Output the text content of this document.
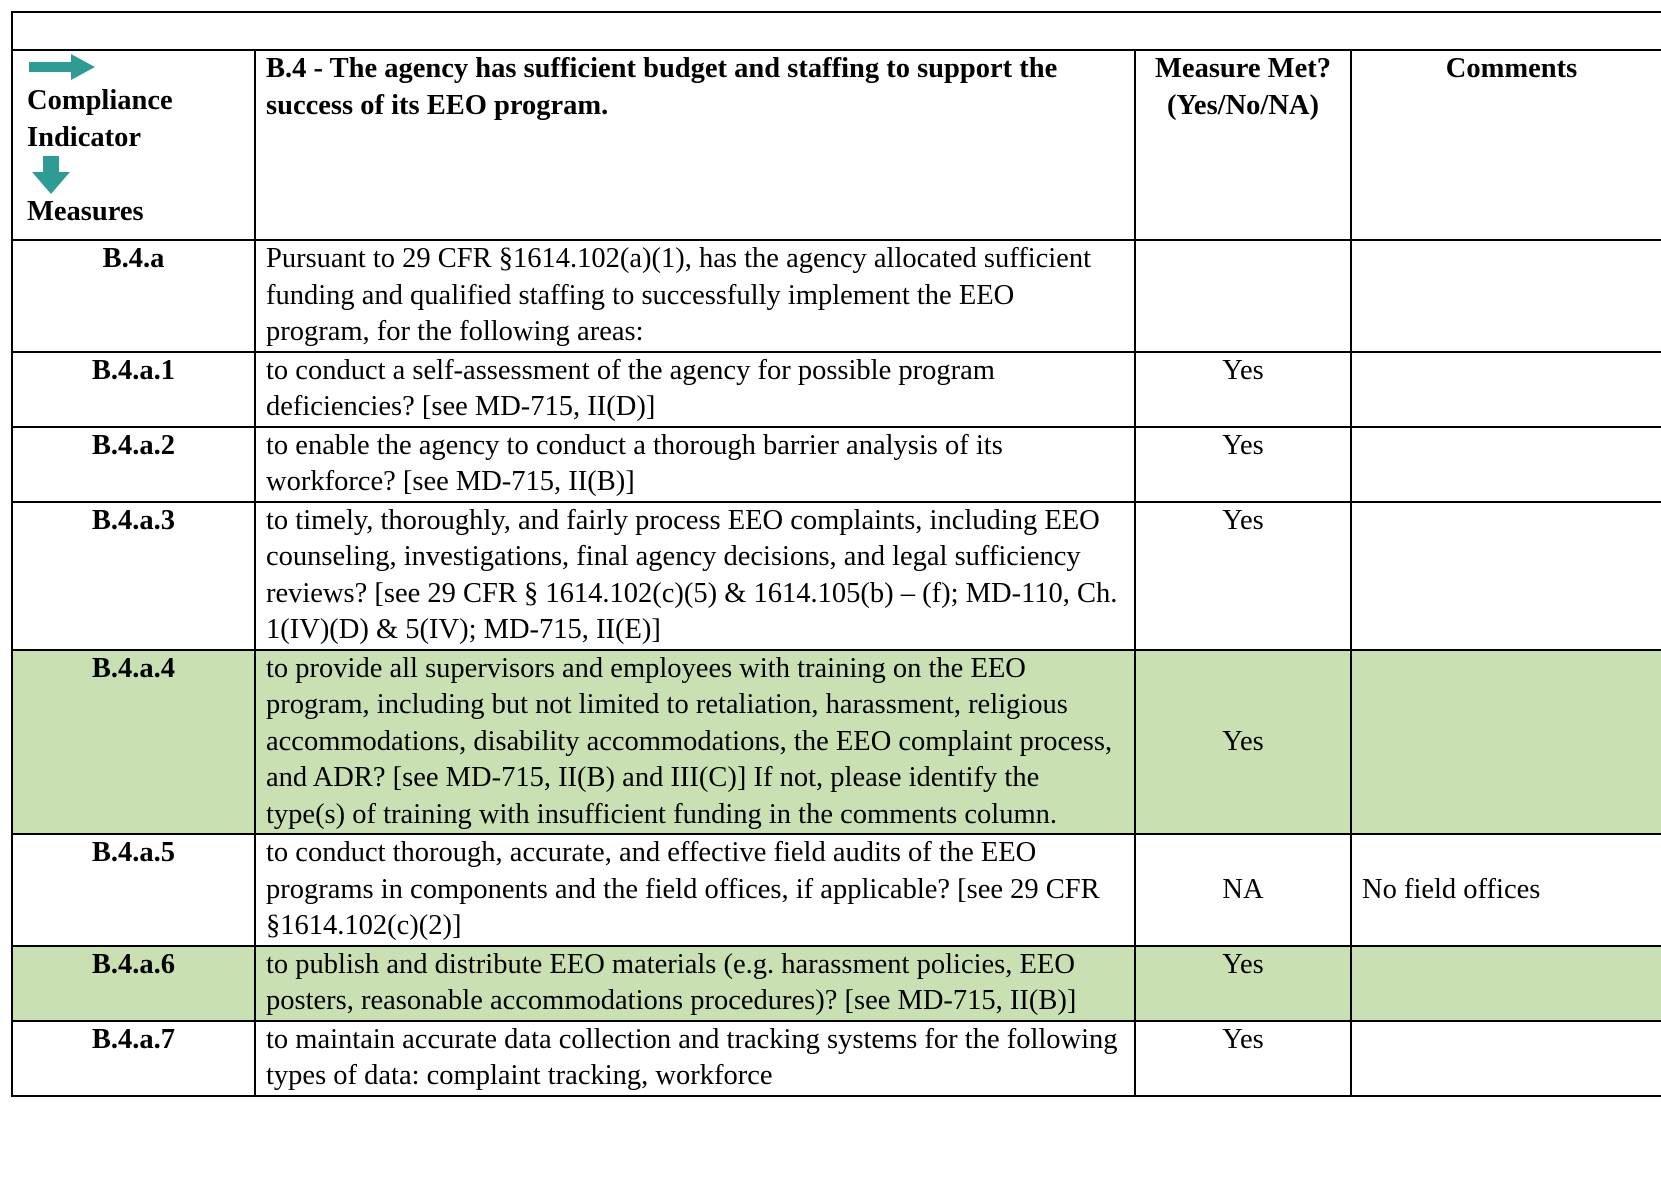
Compliance Indicator
Measures	B.4 - The agency has sufficient budget and staffing to support the success of its EEO program.	Measure Met? (Yes/No/NA)	Comments
B.4.a	Pursuant to 29 CFR §1614.102(a)(1), has the agency allocated sufficient funding and qualified staffing to successfully implement the EEO program, for the following areas:		
B.4.a.1	to conduct a self-assessment of the agency for possible program deficiencies? [see MD-715, II(D)]	Yes	
B.4.a.2	to enable the agency to conduct a thorough barrier analysis of its workforce? [see MD-715, II(B)]	Yes	
B.4.a.3	to timely, thoroughly, and fairly process EEO complaints, including EEO counseling, investigations, final agency decisions, and legal sufficiency reviews? [see 29 CFR § 1614.102(c)(5) & 1614.105(b) – (f); MD-110, Ch. 1(IV)(D) & 5(IV); MD-715, II(E)]	Yes	
B.4.a.4	to provide all supervisors and employees with training on the EEO program, including but not limited to retaliation, harassment, religious accommodations, disability accommodations, the EEO complaint process, and ADR? [see MD-715, II(B) and III(C)] If not, please identify the type(s) of training with insufficient funding in the comments column.	Yes	
B.4.a.5	to conduct thorough, accurate, and effective field audits of the EEO programs in components and the field offices, if applicable? [see 29 CFR §1614.102(c)(2)]	NA	No field offices
B.4.a.6	to publish and distribute EEO materials (e.g. harassment policies, EEO posters, reasonable accommodations procedures)? [see MD-715, II(B)]	Yes	
B.4.a.7	to maintain accurate data collection and tracking systems for the following types of data: complaint tracking, workforce	Yes	
